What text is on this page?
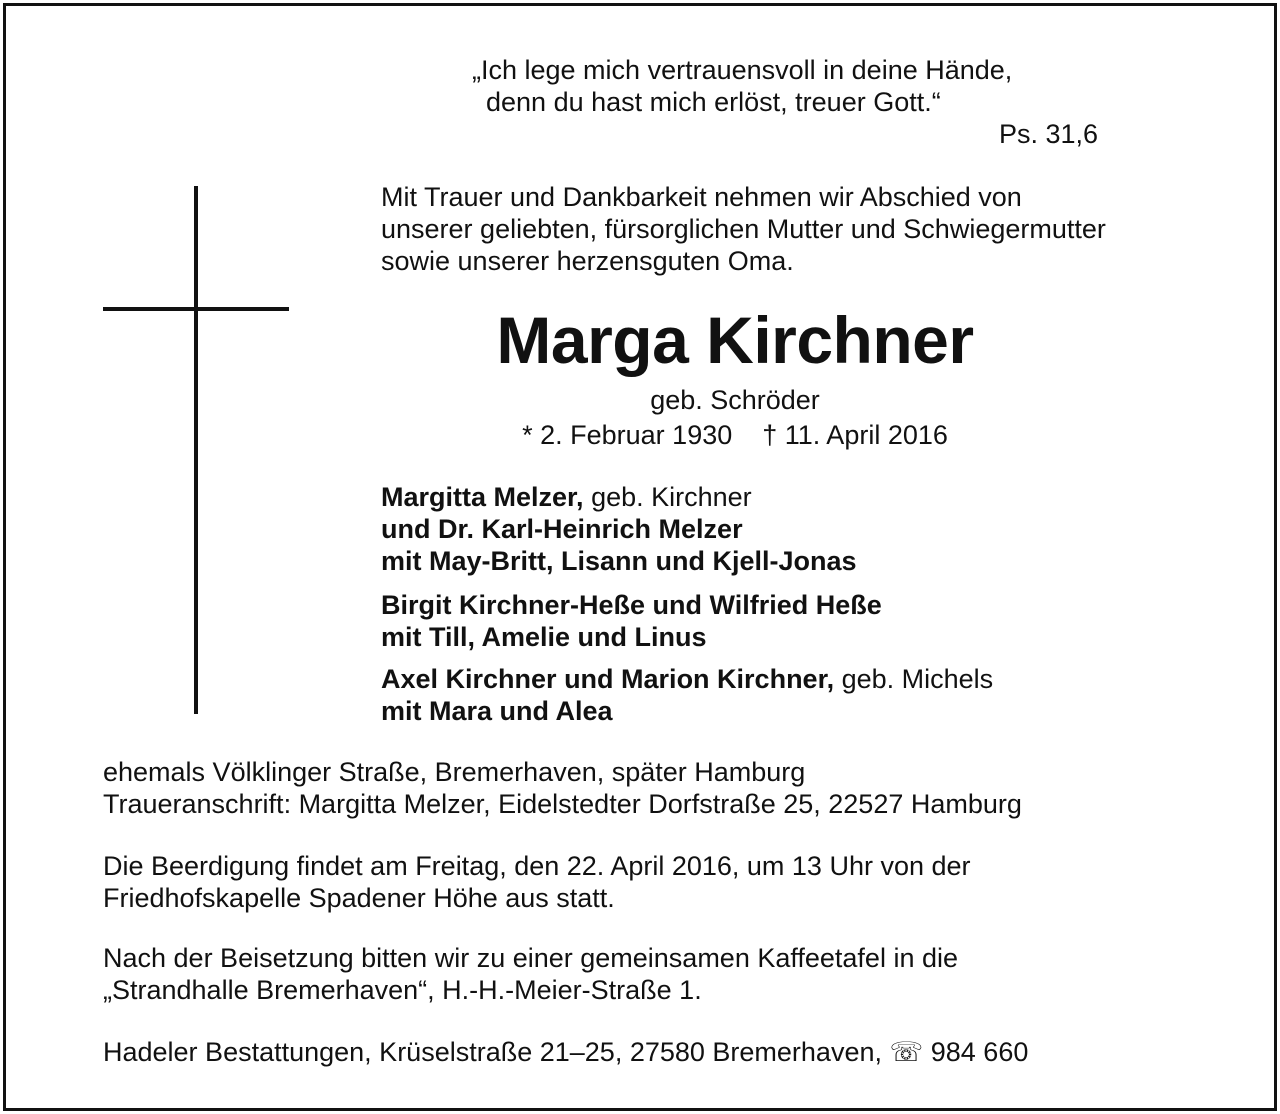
„Ich lege mich vertrauensvoll in deine Hände,
denn du hast mich erlöst, treuer Gott.“
Ps. 31,6
Mit Trauer und Dankbarkeit nehmen wir Abschied von
unserer geliebten, fürsorglichen Mutter und Schwiegermutter
sowie unserer herzensguten Oma.
Marga Kirchner
geb. Schröder
* 2. Februar 1930 † 11. April 2016
Margitta Melzer, geb. Kirchner
und Dr. Karl-Heinrich Melzer
mit May-Britt, Lisann und Kjell-Jonas
Birgit Kirchner-Heße und Wilfried Heße
mit Till, Amelie und Linus
Axel Kirchner und Marion Kirchner, geb. Michels
mit Mara und Alea
ehemals Völklinger Straße, Bremerhaven, später Hamburg
Traueranschrift: Margitta Melzer, Eidelstedter Dorfstraße 25, 22527 Hamburg
Die Beerdigung findet am Freitag, den 22. April 2016, um 13 Uhr von der
Friedhofskapelle Spadener Höhe aus statt.
Nach der Beisetzung bitten wir zu einer gemeinsamen Kaffeetafel in die
„Strandhalle Bremerhaven“, H.-H.-Meier-Straße 1.
Hadeler Bestattungen, Krüselstraße 21–25, 27580 Bremerhaven, ☏ 984 660
